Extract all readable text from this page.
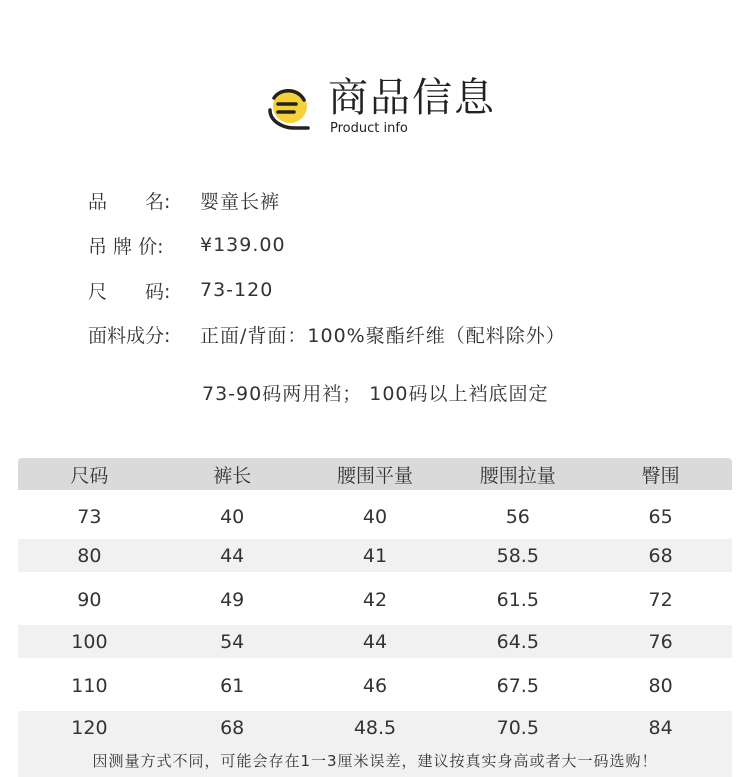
商品信息
Product info
品　　名:	婴童长裤
吊 牌 价:	¥139.00
尺　　码:	73-120
面料成分:	正面/背面：100%聚酯纤维（配料除外）
73-90码两用裆； 100码以上裆底固定
尺码	裤长	腰围平量	腰围拉量	臀围
73	40	40	56	65
80	44	41	58.5	68
90	49	42	61.5	72
100	54	44	64.5	76
110	61	46	67.5	80
120	68	48.5	70.5	84
因测量方式不同，可能会存在1一3厘米误差，建议按真实身高或者大一码选购！
